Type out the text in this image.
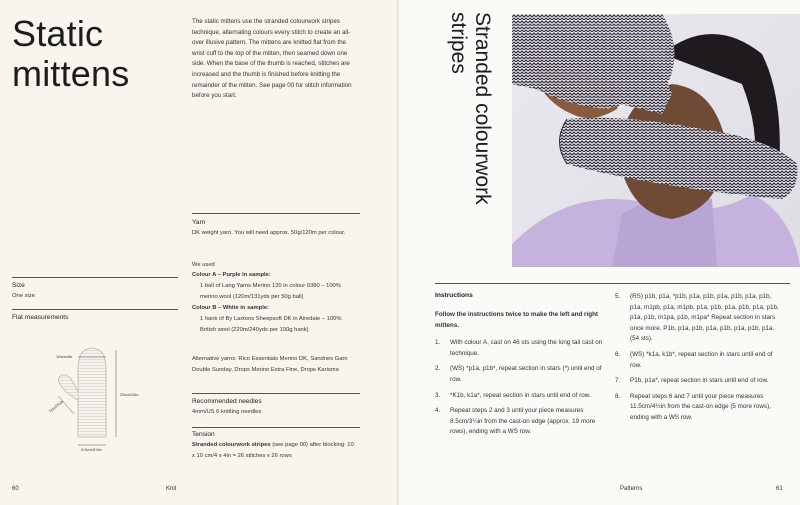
Static
mittens
The static mittens use the stranded colourwork stripes technique, alternating colours every stitch to create an all-over illusive pattern. The mittens are knitted flat from the wrist cuff to the top of the mitten, then seamed down one side. When the base of the thumb is reached, stitches are increased and the thumb is finished before knitting the remainder of the mitten. See page 00 for stitch information before you start.
Yarn
DK weight yarn. You will need approx. 50g/120m per colour.
We used
Colour A – Purple in sample:
1 ball of Lang Yarns Merino 120 in colour 0380 – 100% merino wool (120m/131yds per 50g ball)
Colour B – White in sample:
1 hank of By Laxtons Sheepsoft DK in Airedale – 100% British wool (220m/240yds per 100g hank)
Alternative yarns: Rico Essentials Merino DK, Sandnes Garn Double Sunday, Drops Merino Extra Fine, Drops Karisma
Recommended needles
4mm/US 6 knitting needles
Tension
Stranded colourwork stripes (see page 00) after blocking: 10 x 10 cm/4 x 4in = 26 stitches x 26 rows
Size
One size
Flat measurements
10cm/4in
25cm/10in
7cm/2¾in
9.5cm/3¾in
60	Knit
Stranded colourwork
stripes
Instructions
Follow the instructions twice to make the left and right mittens.
1. With colour A, cast on 46 sts using the long tail cast on technique.
2. (WS) *p1a, p1b*, repeat section in stars (*) until end of row.
3. *K1b, k1a*, repeat section in stars until end of row.
4. Repeat steps 2 and 3 until your piece measures 8.5cm/3¼in from the cast-on edge (approx. 19 more rows), ending with a WS row.
5. (RS) p1b, p1a, *p1b, p1a, p1b, p1a, p1b, p1a, p1b, p1a, m1pb, p1a, m1pb, p1a, p1b, p1a, p1b, p1a, p1b, p1a, p1b, m1pa, p1b, m1pa* Repeat section in stars once more. P1b, p1a, p1b, p1a, p1b, p1a, p1b, p1a. (54 sts).
6. (WS) *k1a, k1b*, repeat section in stars until end of row.
7. P1b, p1a*, repeat section in stars until end of row.
8. Repeat steps 6 and 7 until your piece measures 11.5cm/4½in from the cast-on edge (5 more rows), ending with a WS row.
Patterns	61
